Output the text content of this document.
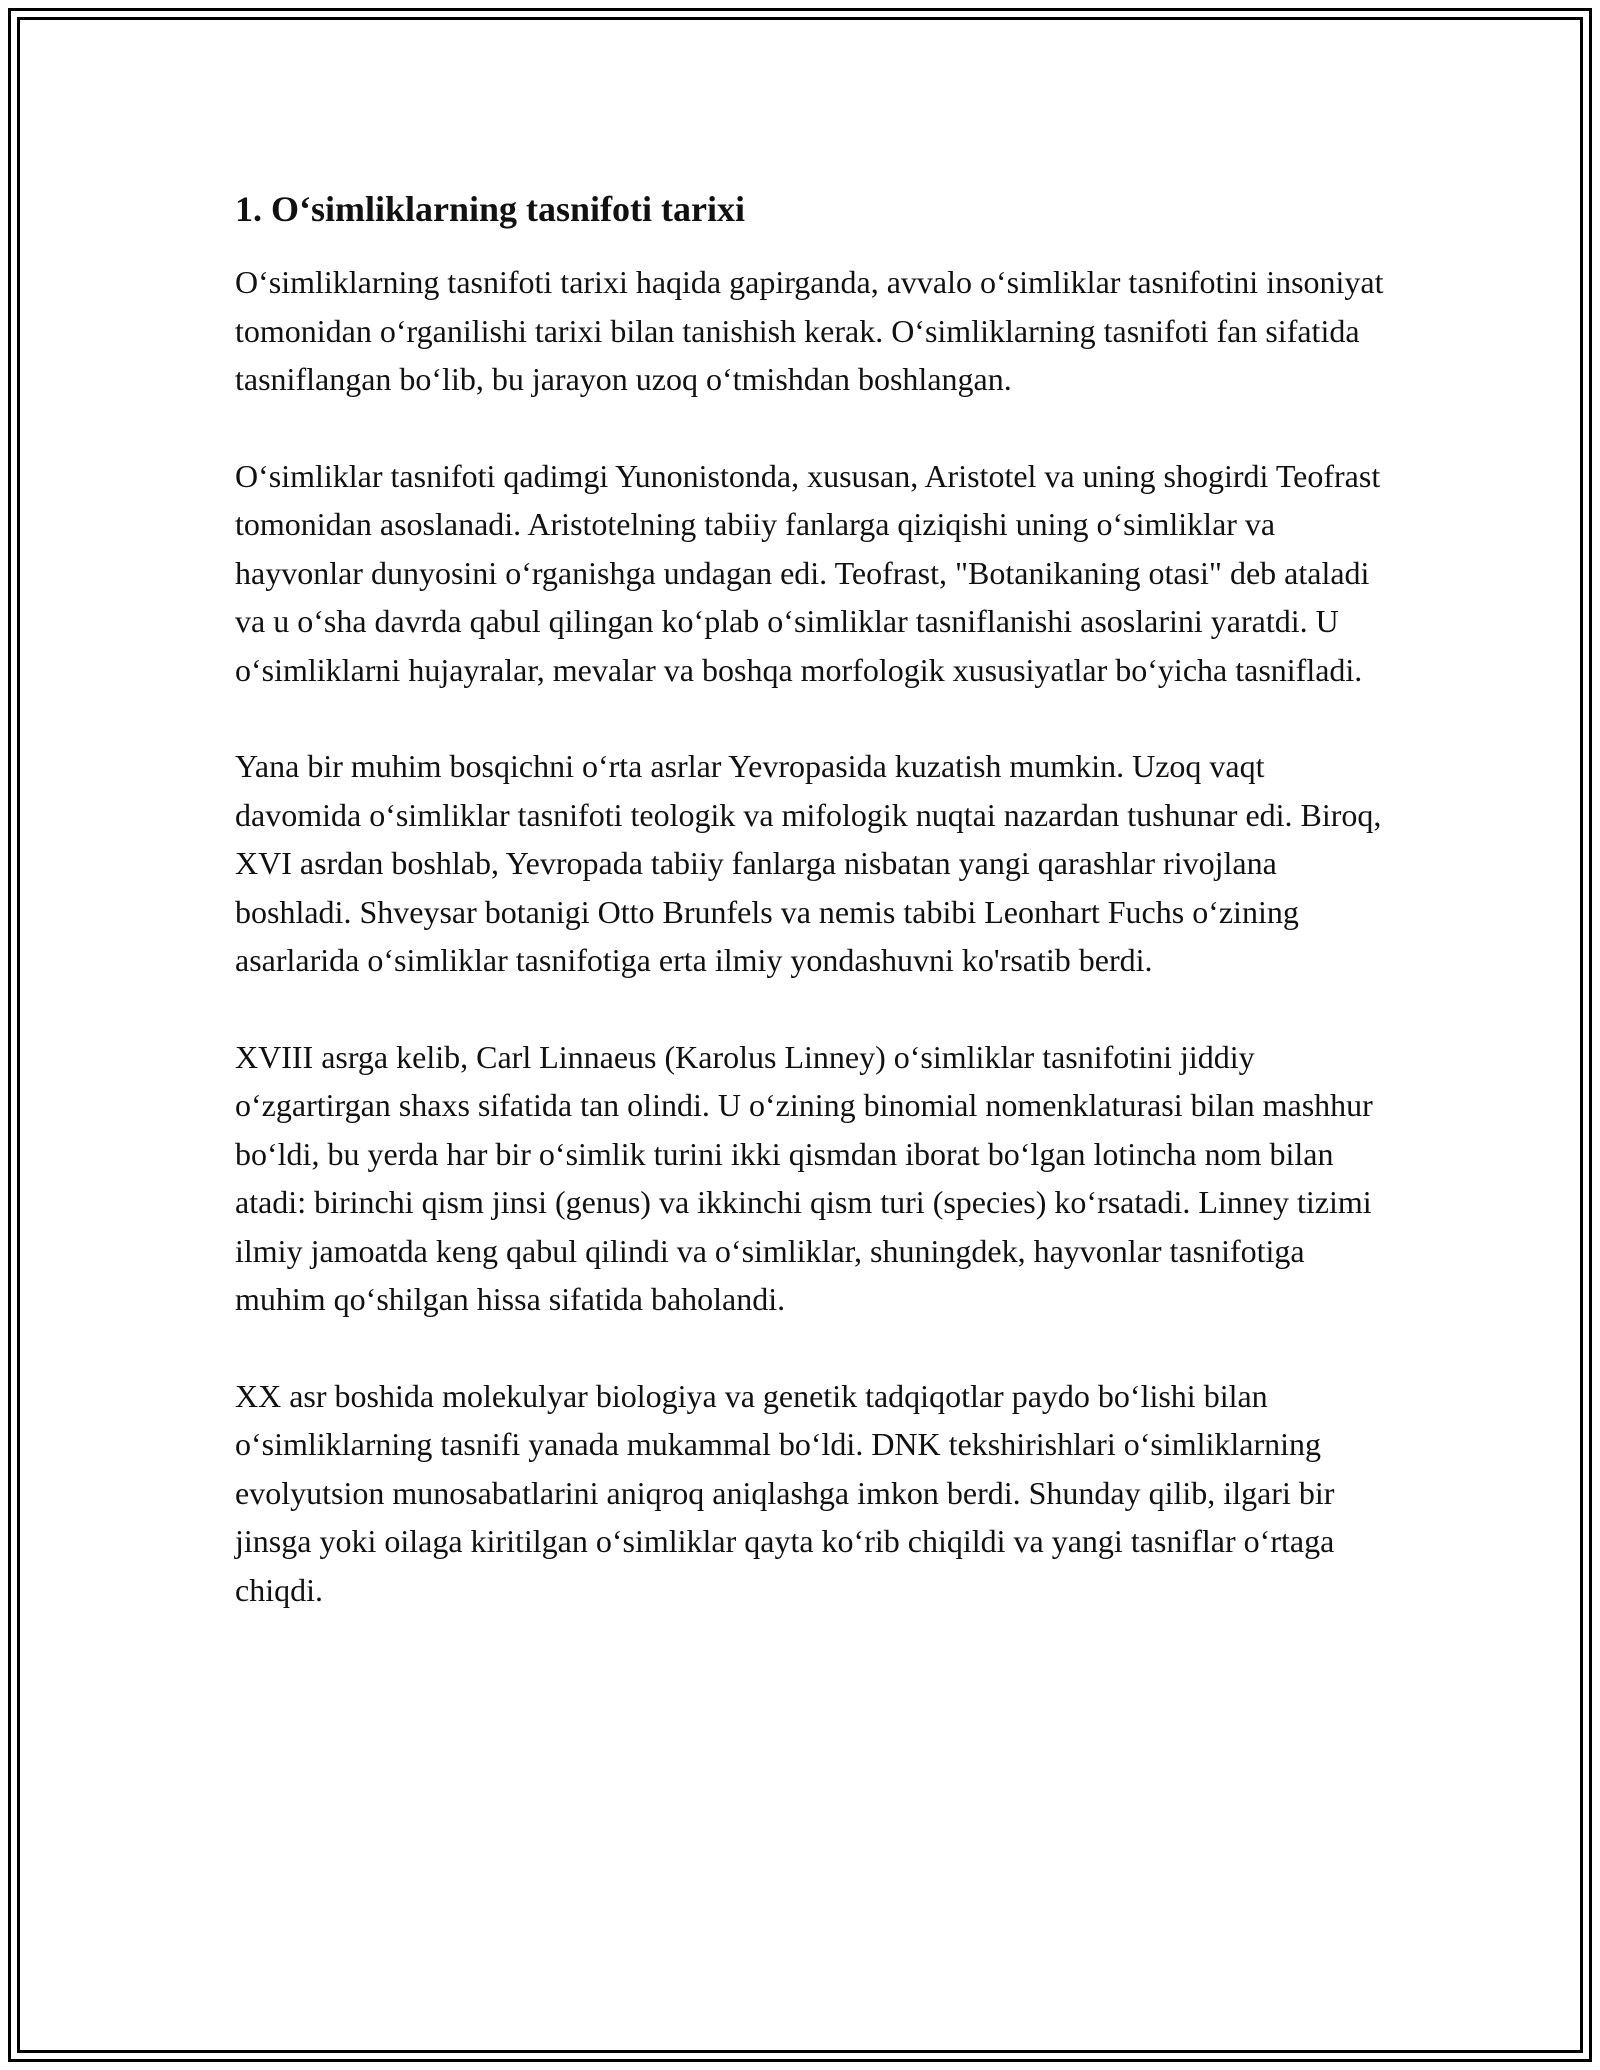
1. O‘simliklarning tasnifoti tarixi

O‘simliklarning tasnifoti tarixi haqida gapirganda, avvalo o‘simliklar tasnifotini insoniyat tomonidan o‘rganilishi tarixi bilan tanishish kerak. O‘simliklarning tasnifoti fan sifatida tasniflangan bo‘lib, bu jarayon uzoq o‘tmishdan boshlangan.

O‘simliklar tasnifoti qadimgi Yunonistonda, xususan, Aristotel va uning shogirdi Teofrast tomonidan asoslanadi. Aristotelning tabiiy fanlarga qiziqishi uning o‘simliklar va hayvonlar dunyosini o‘rganishga undagan edi. Teofrast, "Botanikaning otasi" deb ataladi va u o‘sha davrda qabul qilingan ko‘plab o‘simliklar tasniflanishi asoslarini yaratdi. U o‘simliklarni hujayralar, mevalar va boshqa morfologik xususiyatlar bo‘yicha tasnifladi.

Yana bir muhim bosqichni o‘rta asrlar Yevropasida kuzatish mumkin. Uzoq vaqt davomida o‘simliklar tasnifoti teologik va mifologik nuqtai nazardan tushunar edi. Biroq, XVI asrdan boshlab, Yevropada tabiiy fanlarga nisbatan yangi qarashlar rivojlana boshladi. Shveysar botanigi Otto Brunfels va nemis tabibi Leonhart Fuchs o‘zining asarlarida o‘simliklar tasnifotiga erta ilmiy yondashuvni ko'rsatib berdi.

XVIII asrga kelib, Carl Linnaeus (Karolus Linney) o‘simliklar tasnifotini jiddiy o‘zgartirgan shaxs sifatida tan olindi. U o‘zining binomial nomenklaturasi bilan mashhur bo‘ldi, bu yerda har bir o‘simlik turini ikki qismdan iborat bo‘lgan lotincha nom bilan atadi: birinchi qism jinsi (genus) va ikkinchi qism turi (species) ko‘rsatadi. Linney tizimi ilmiy jamoatda keng qabul qilindi va o‘simliklar, shuningdek, hayvonlar tasnifotiga muhim qo‘shilgan hissa sifatida baholandi.

XX asr boshida molekulyar biologiya va genetik tadqiqotlar paydo bo‘lishi bilan o‘simliklarning tasnifi yanada mukammal bo‘ldi. DNK tekshirishlari o‘simliklarning evolyutsion munosabatlarini aniqroq aniqlashga imkon berdi. Shunday qilib, ilgari bir jinsga yoki oilaga kiritilgan o‘simliklar qayta ko‘rib chiqildi va yangi tasniflar o‘rtaga chiqdi.
